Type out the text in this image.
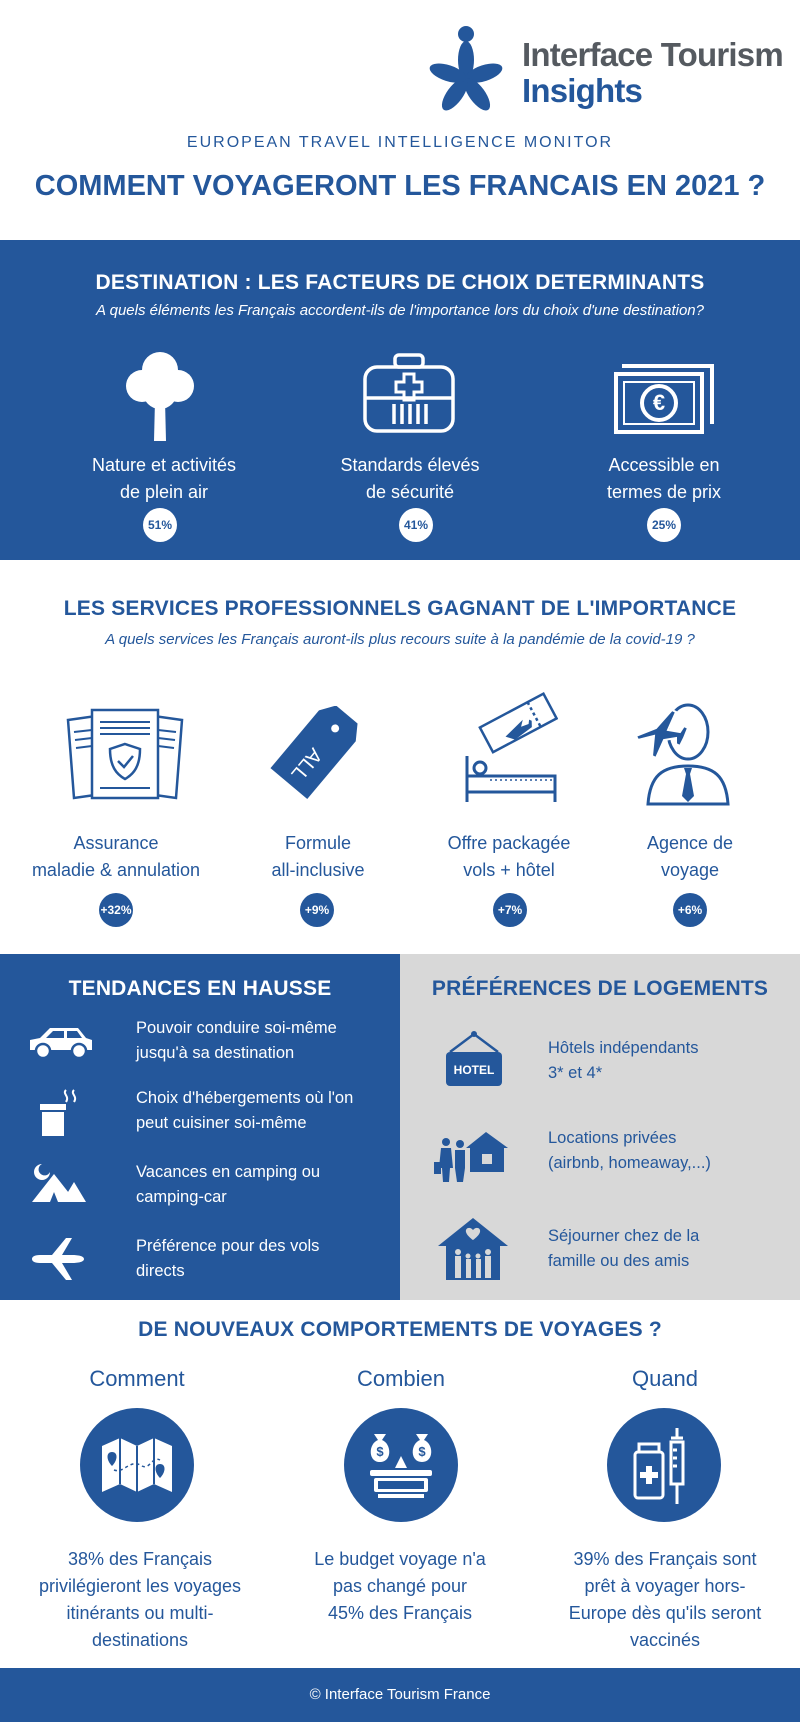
Interface Tourism
Insights
EUROPEAN TRAVEL INTELLIGENCE MONITOR
COMMENT VOYAGERONT LES FRANCAIS EN 2021 ?
DESTINATION : LES FACTEURS DE CHOIX DETERMINANTS
A quels éléments les Français accordent-ils de l'importance lors du choix d'une destination?
Nature et activités
de plein air
51%
Standards élevés
de sécurité
41%
€
Accessible en
termes de prix
25%
LES SERVICES PROFESSIONNELS GAGNANT DE L'IMPORTANCE
A quels services les Français auront-ils plus recours suite à la pandémie de la covid-19 ?
Assurance
maladie & annulation
+32%
ALL
Formule
all-inclusive
+9%
Offre packagée
vols + hôtel
+7%
Agence de
voyage
+6%
TENDANCES EN HAUSSE
Pouvoir conduire soi-même
jusqu'à sa destination
Choix d'hébergements où l'on
peut cuisiner soi-même
Vacances en camping ou
camping-car
Préférence pour des vols
directs
PRÉFÉRENCES DE LOGEMENTS
HOTEL
Hôtels indépendants
3* et 4*
Locations privées
(airbnb, homeaway,...)
Séjourner chez de la
famille ou des amis
DE NOUVEAUX COMPORTEMENTS DE VOYAGES ?
Comment
38% des Français
privilégieront les voyages
itinérants ou multi-
destinations
Combien
$	$
Le budget voyage n'a
pas changé pour
45% des Français
Quand
39% des Français sont
prêt à voyager hors-
Europe dès qu'ils seront
vaccinés
© Interface Tourism France
